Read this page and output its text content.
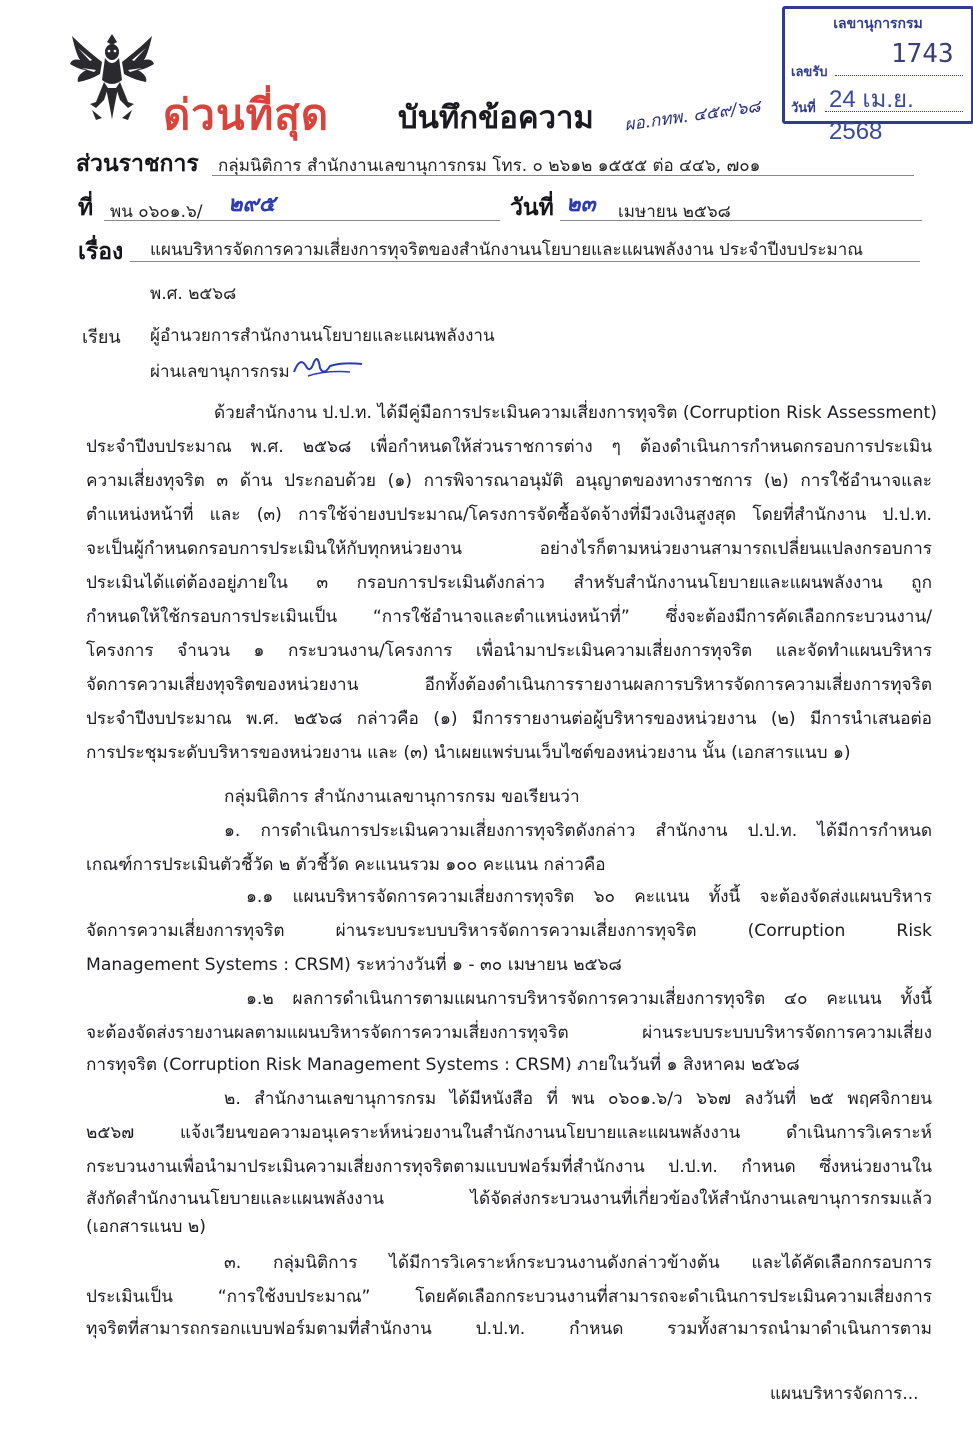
ด่วนที่สุด บันทึกข้อความ ผอ.กทพ. ๔๕๙/๖๘
เลขานุการกรม
เลขรับ
1743
วันที่ 24 เม.ย. 2568
ส่วนราชการ กลุ่มนิติการ สำนักงานเลขานุการกรม โทร. ๐ ๒๖๑๒ ๑๕๕๕ ต่อ ๔๔๖, ๗๐๑
ที่ พน ๐๖๐๑.๖/ ๒๙๕	วันที่ ๒๓ เมษายน ๒๕๖๘
เรื่อง แผนบริหารจัดการความเสี่ยงการทุจริตของสำนักงานนโยบายและแผนพลังงาน ประจำปีงบประมาณ
พ.ศ. ๒๕๖๘
เรียน ผู้อำนวยการสำนักงานนโยบายและแผนพลังงาน
ผ่านเลขานุการกรม
ด้วยสำนักงาน ป.ป.ท. ได้มีคู่มือการประเมินความเสี่ยงการทุจริต (Corruption Risk Assessment)
ประจำปีงบประมาณ พ.ศ. ๒๕๖๘ เพื่อกำหนดให้ส่วนราชการต่าง ๆ ต้องดำเนินการกำหนดกรอบการประเมิน
ความเสี่ยงทุจริต ๓ ด้าน ประกอบด้วย (๑) การพิจารณาอนุมัติ อนุญาตของทางราชการ (๒) การใช้อำนาจและ
ตำแหน่งหน้าที่ และ (๓) การใช้จ่ายงบประมาณ/โครงการจัดซื้อจัดจ้างที่มีวงเงินสูงสุด โดยที่สำนักงาน ป.ป.ท.
จะเป็นผู้กำหนดกรอบการประเมินให้กับทุกหน่วยงาน อย่างไรก็ตามหน่วยงานสามารถเปลี่ยนแปลงกรอบการ
ประเมินได้แต่ต้องอยู่ภายใน ๓ กรอบการประเมินดังกล่าว สำหรับสำนักงานนโยบายและแผนพลังงาน ถูก
กำหนดให้ใช้กรอบการประเมินเป็น “การใช้อำนาจและตำแหน่งหน้าที่” ซึ่งจะต้องมีการคัดเลือกกระบวนงาน/
โครงการ จำนวน ๑ กระบวนงาน/โครงการ เพื่อนำมาประเมินความเสี่ยงการทุจริต และจัดทำแผนบริหาร
จัดการความเสี่ยงทุจริตของหน่วยงาน อีกทั้งต้องดำเนินการรายงานผลการบริหารจัดการความเสี่ยงการทุจริต
ประจำปีงบประมาณ พ.ศ. ๒๕๖๘ กล่าวคือ (๑) มีการรายงานต่อผู้บริหารของหน่วยงาน (๒) มีการนำเสนอต่อ
การประชุมระดับบริหารของหน่วยงาน และ (๓) นำเผยแพร่บนเว็บไซต์ของหน่วยงาน นั้น (เอกสารแนบ ๑)
กลุ่มนิติการ สำนักงานเลขานุการกรม ขอเรียนว่า
๑. การดำเนินการประเมินความเสี่ยงการทุจริตดังกล่าว สำนักงาน ป.ป.ท. ได้มีการกำหนด
เกณฑ์การประเมินตัวชี้วัด ๒ ตัวชี้วัด คะแนนรวม ๑๐๐ คะแนน กล่าวคือ
๑.๑ แผนบริหารจัดการความเสี่ยงการทุจริต ๖๐ คะแนน ทั้งนี้ จะต้องจัดส่งแผนบริหาร
จัดการความเสี่ยงการทุจริต ผ่านระบบระบบบริหารจัดการความเสี่ยงการทุจริต (Corruption Risk
Management Systems : CRSM) ระหว่างวันที่ ๑ - ๓๐ เมษายน ๒๕๖๘
๑.๒ ผลการดำเนินการตามแผนการบริหารจัดการความเสี่ยงการทุจริต ๔๐ คะแนน ทั้งนี้
จะต้องจัดส่งรายงานผลตามแผนบริหารจัดการความเสี่ยงการทุจริต ผ่านระบบระบบบริหารจัดการความเสี่ยง
การทุจริต (Corruption Risk Management Systems : CRSM) ภายในวันที่ ๑ สิงหาคม ๒๕๖๘
๒. สำนักงานเลขานุการกรม ได้มีหนังสือ ที่ พน ๐๖๐๑.๖/ว ๖๖๗ ลงวันที่ ๒๕ พฤศจิกายน
๒๕๖๗ แจ้งเวียนขอความอนุเคราะห์หน่วยงานในสำนักงานนโยบายและแผนพลังงาน ดำเนินการวิเคราะห์
กระบวนงานเพื่อนำมาประเมินความเสี่ยงการทุจริตตามแบบฟอร์มที่สำนักงาน ป.ป.ท. กำหนด ซึ่งหน่วยงานใน
สังกัดสำนักงานนโยบายและแผนพลังงาน ได้จัดส่งกระบวนงานที่เกี่ยวข้องให้สำนักงานเลขานุการกรมแล้ว
(เอกสารแนบ ๒)
๓. กลุ่มนิติการ ได้มีการวิเคราะห์กระบวนงานดังกล่าวข้างต้น และได้คัดเลือกกรอบการ
ประเมินเป็น “การใช้งบประมาณ” โดยคัดเลือกกระบวนงานที่สามารถจะดำเนินการประเมินความเสี่ยงการ
ทุจริตที่สามารถกรอกแบบฟอร์มตามที่สำนักงาน ป.ป.ท. กำหนด รวมทั้งสามารถนำมาดำเนินการตาม
แผนบริหารจัดการ...
